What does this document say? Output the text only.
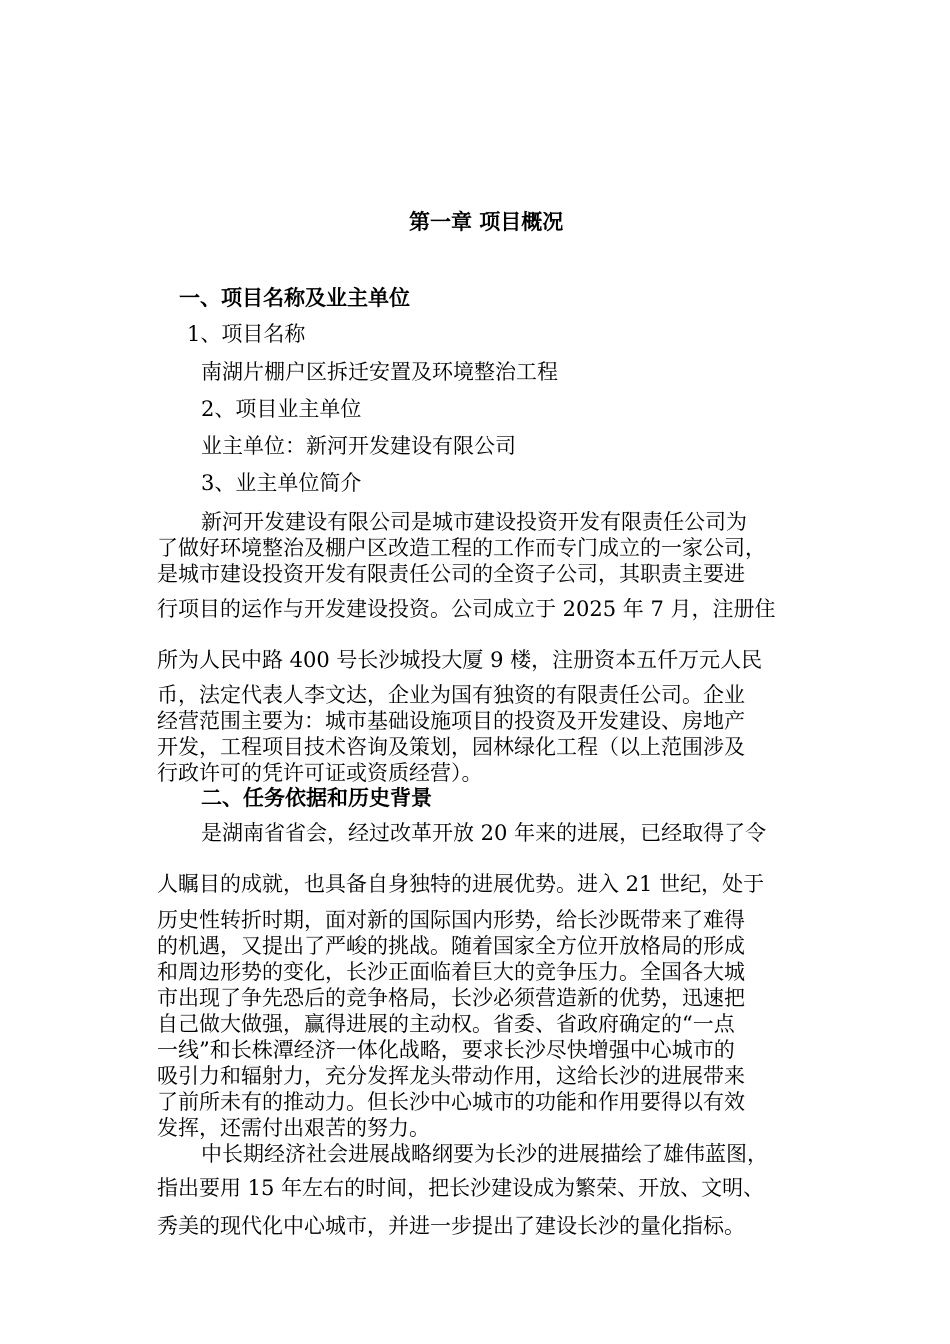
第一章 项目概况
一、项目名称及业主单位
1、项目名称
南湖片棚户区拆迁安置及环境整治工程
2、项目业主单位
业主单位：新河开发建设有限公司
3、业主单位简介
新河开发建设有限公司是城市建设投资开发有限责任公司为
了做好环境整治及棚户区改造工程的工作而专门成立的一家公司，
是城市建设投资开发有限责任公司的全资子公司，其职责主要进
行项目的运作与开发建设投资。公司成立于 2025 年 7 月，注册住
所为人民中路 400 号长沙城投大厦 9 楼，注册资本五仟万元人民
币，法定代表人李文达，企业为国有独资的有限责任公司。企业
经营范围主要为：城市基础设施项目的投资及开发建设、房地产
开发，工程项目技术咨询及策划，园林绿化工程（以上范围涉及
行政许可的凭许可证或资质经营）。
二、任务依据和历史背景
是湖南省省会，经过改革开放 20 年来的进展，已经取得了令
人瞩目的成就，也具备自身独特的进展优势。进入 21 世纪，处于
历史性转折时期，面对新的国际国内形势，给长沙既带来了难得
的机遇，又提出了严峻的挑战。随着国家全方位开放格局的形成
和周边形势的变化，长沙正面临着巨大的竞争压力。全国各大城
市出现了争先恐后的竞争格局，长沙必须营造新的优势，迅速把
自己做大做强，赢得进展的主动权。省委、省政府确定的“一点
一线”和长株潭经济一体化战略，要求长沙尽快增强中心城市的
吸引力和辐射力，充分发挥龙头带动作用，这给长沙的进展带来
了前所未有的推动力。但长沙中心城市的功能和作用要得以有效
发挥，还需付出艰苦的努力。
中长期经济社会进展战略纲要为长沙的进展描绘了雄伟蓝图，
指出要用 15 年左右的时间，把长沙建设成为繁荣、开放、文明、
秀美的现代化中心城市，并进一步提出了建设长沙的量化指标。
